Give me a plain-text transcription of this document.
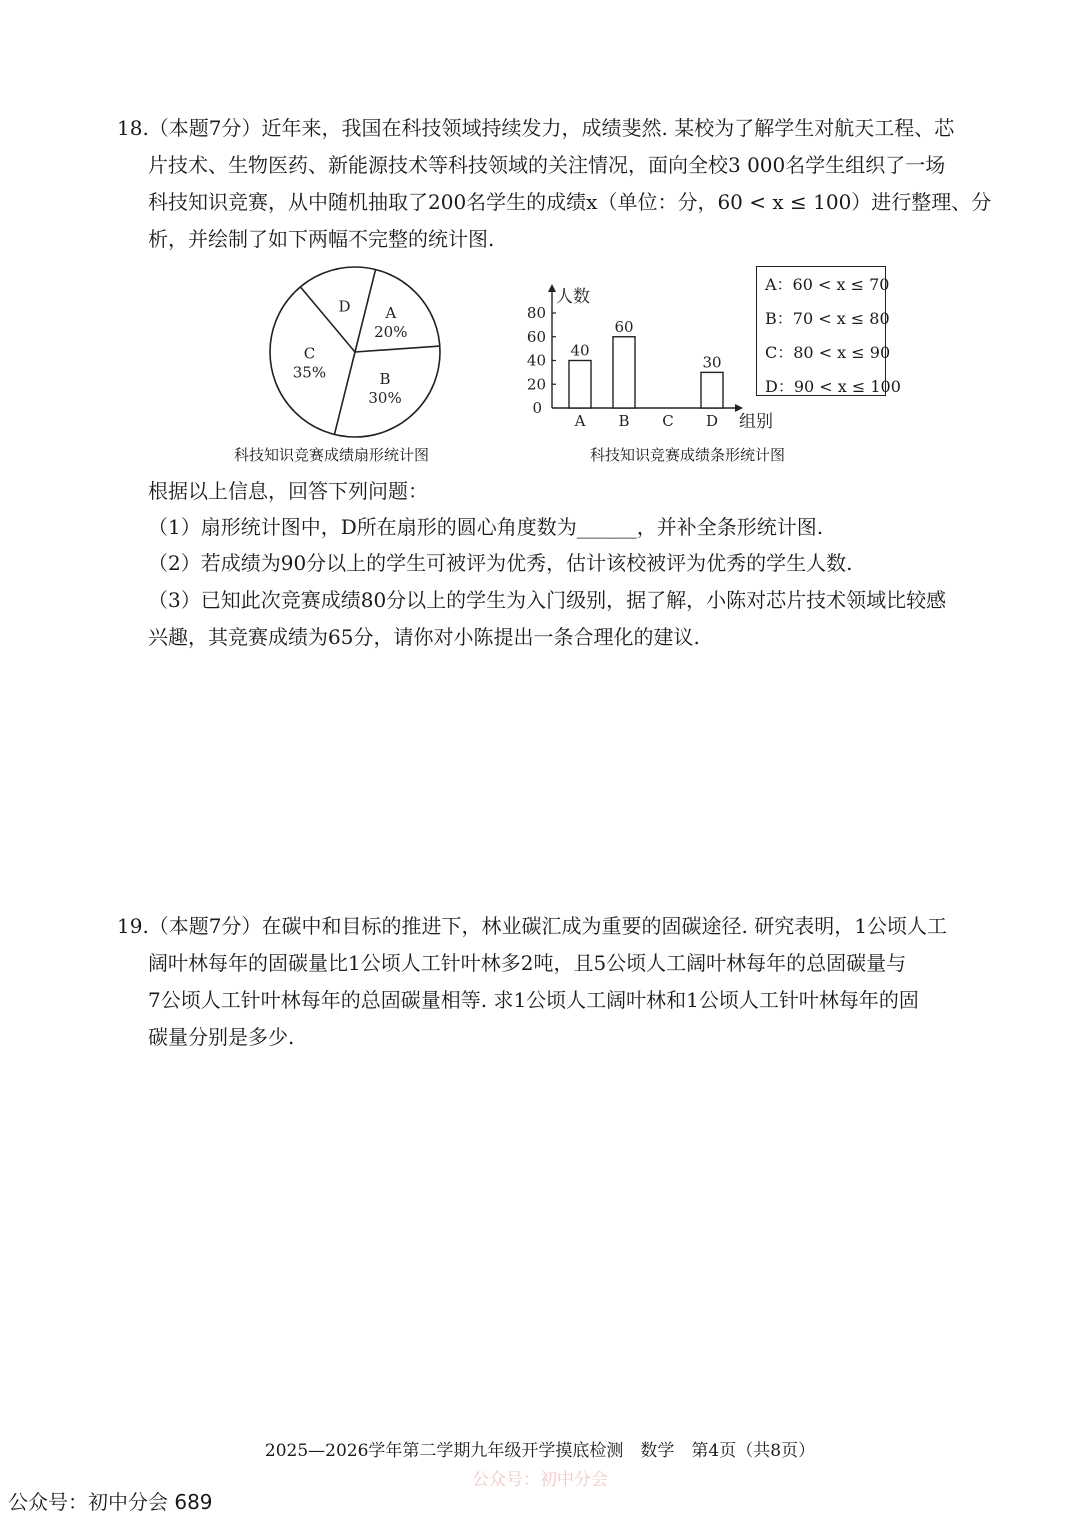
18.（本题7分）近年来，我国在科技领域持续发力，成绩斐然. 某校为了解学生对航天工程、芯
片技术、生物医药、新能源技术等科技领域的关注情况，面向全校3 000名学生组织了一场
科技知识竞赛，从中随机抽取了200名学生的成绩x（单位：分，60 < x ≤ 100）进行整理、分
析，并绘制了如下两幅不完整的统计图.
A
20%
B
30%
C
35%
D
科技知识竞赛成绩扇形统计图
人数
组别
0
20
40
60
80
40
A
60
B C
30
D
科技知识竞赛成绩条形统计图
A：60 < x ≤ 70
B：70 < x ≤ 80
C：80 < x ≤ 90
D：90 < x ≤ 100
根据以上信息，回答下列问题：
（1）扇形统计图中，D所在扇形的圆心角度数为______，并补全条形统计图.
（2）若成绩为90分以上的学生可被评为优秀，估计该校被评为优秀的学生人数.
（3）已知此次竞赛成绩80分以上的学生为入门级别，据了解，小陈对芯片技术领域比较感
兴趣，其竞赛成绩为65分，请你对小陈提出一条合理化的建议.
19.（本题7分）在碳中和目标的推进下，林业碳汇成为重要的固碳途径. 研究表明，1公顷人工
阔叶林每年的固碳量比1公顷人工针叶林多2吨，且5公顷人工阔叶林每年的总固碳量与
7公顷人工针叶林每年的总固碳量相等. 求1公顷人工阔叶林和1公顷人工针叶林每年的固
碳量分别是多少.
2025—2026学年第二学期九年级开学摸底检测　数学　第4页（共8页）
公众号：初中分会
公众号：初中分会 689
